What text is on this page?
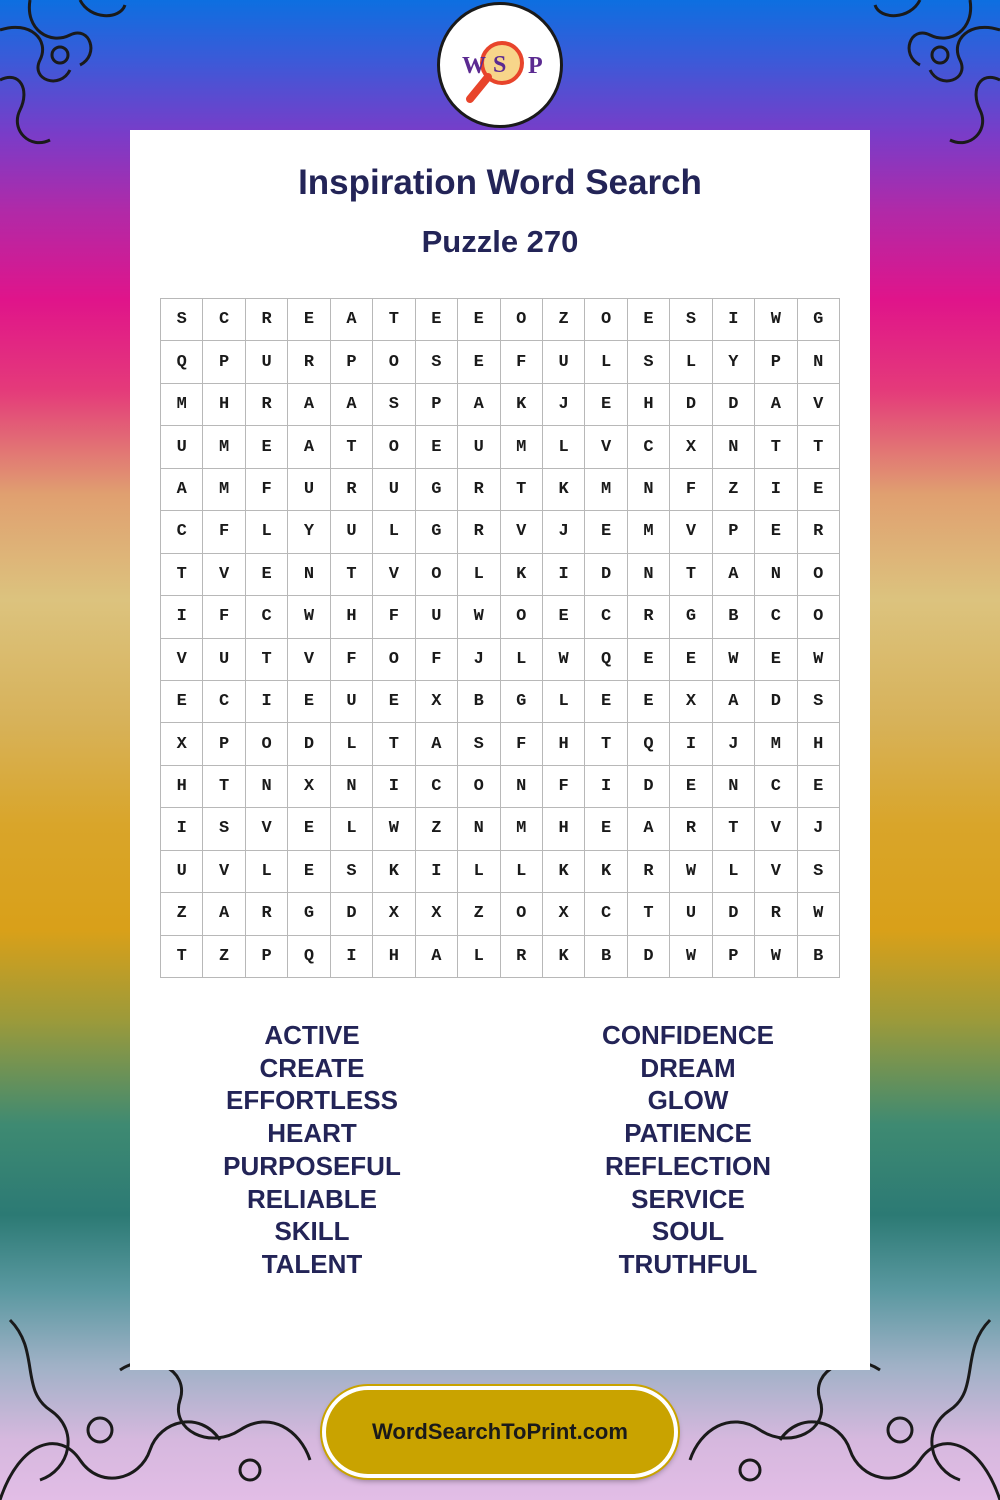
W S P
Inspiration Word Search
Puzzle 270
S	C	R	E	A	T	E	E	O	Z	O	E	S	I	W	G
Q	P	U	R	P	O	S	E	F	U	L	S	L	Y	P	N
M	H	R	A	A	S	P	A	K	J	E	H	D	D	A	V
U	M	E	A	T	O	E	U	M	L	V	C	X	N	T	T
A	M	F	U	R	U	G	R	T	K	M	N	F	Z	I	E
C	F	L	Y	U	L	G	R	V	J	E	M	V	P	E	R
T	V	E	N	T	V	O	L	K	I	D	N	T	A	N	O
I	F	C	W	H	F	U	W	O	E	C	R	G	B	C	O
V	U	T	V	F	O	F	J	L	W	Q	E	E	W	E	W
E	C	I	E	U	E	X	B	G	L	E	E	X	A	D	S
X	P	O	D	L	T	A	S	F	H	T	Q	I	J	M	H
H	T	N	X	N	I	C	O	N	F	I	D	E	N	C	E
I	S	V	E	L	W	Z	N	M	H	E	A	R	T	V	J
U	V	L	E	S	K	I	L	L	K	K	R	W	L	V	S
Z	A	R	G	D	X	X	Z	O	X	C	T	U	D	R	W
T	Z	P	Q	I	H	A	L	R	K	B	D	W	P	W	B
ACTIVE
CREATE
EFFORTLESS
HEART
PURPOSEFUL
RELIABLE
SKILL
TALENT
CONFIDENCE
DREAM
GLOW
PATIENCE
REFLECTION
SERVICE
SOUL
TRUTHFUL
WordSearchToPrint.com
